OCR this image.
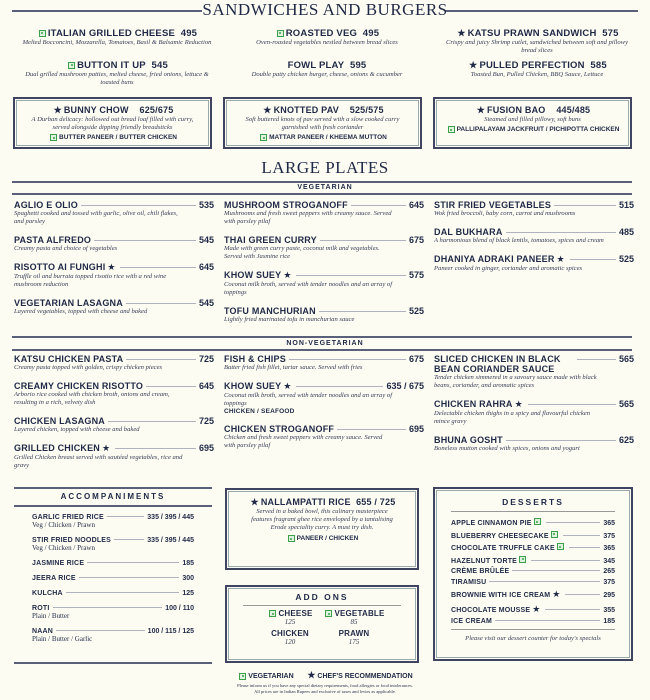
SANDWICHES AND BURGERS
ITALIAN GRILLED CHEESE 495
Melted Bocconcini, Mozzarella, Tomatoes, Basil & Balsamic Reduction
ROASTED VEG 495
Oven-roasted vegetables nestled between bread slices
★ KATSU PRAWN SANDWICH 575
Crispy and juicy Shrimp cutlet, sandwiched between soft and pillowy bread slices
BUTTON IT UP 545
Dual grilled mushroom patties, melted cheese, fried onions, lettuce & toasted buns
FOWL PLAY 595
Double patty chicken burger, cheese, onions & cucumber
★ PULLED PERFECTION 585
Toasted Bun, Pulled Chicken, BBQ Sauce, Lettuce
★ BUNNY CHOW 625/675
A Durban delicacy: hollowed out bread loaf filled with curry, served alongside dipping friendly breadsticks
BUTTER PANEER / BUTTER CHICKEN
★ KNOTTED PAV 525/575
Soft buttered knots of pav served with a slow cooked curry garnished with fresh coriander
MATTAR PANEER / KHEEMA MUTTON
★ FUSION BAO 445/485
Steamed and filled pillowy, soft buns
PALLIPALAYAM JACKFRUIT / PICHIPOTTA CHICKEN
LARGE PLATES
VEGETARIAN
AGLIO E OLIO	535
Spaghetti cooked and tossed with garlic, olive oil, chili flakes, and parsley
PASTA ALFREDO	545
Creamy pasta and choice of vegetables
RISOTTO AI FUNGHI ★	645
Truffle oil and burrata topped risotto rice with a red wine mushroom reduction
VEGETARIAN LASAGNA	545
Layered vegetables, topped with cheese and baked
MUSHROOM STROGANOFF	645
Mushrooms and fresh sweet peppers with creamy sauce. Served with parsley pilaf
THAI GREEN CURRY	675
Made with green curry paste, coconut milk and vegetables. Served with Jasmine rice
KHOW SUEY ★	575
Coconut milk broth, served with tender noodles and an array of toppings
TOFU MANCHURIAN	525
Lightly fried marinated tofu in manchurian sauce
STIR FRIED VEGETABLES	515
Wok fried broccoli, baby corn, carrot and mushrooms
DAL BUKHARA	485
A harmonious blend of black lentils, tomatoes, spices and cream
DHANIYA ADRAKI PANEER ★	525
Paneer cooked in ginger, coriander and aromatic spices
NON-VEGETARIAN
KATSU CHICKEN PASTA	725
Creamy pasta topped with golden, crispy chicken pieces
CREAMY CHICKEN RISOTTO	645
Arborio rice cooked with chicken broth, onions and cream, resulting in a rich, velvety dish
CHICKEN LASAGNA	725
Layered chicken, topped with cheese and baked
GRILLED CHICKEN ★	695
Grilled Chicken breast served with sautéed vegetables, rice and gravy
FISH & CHIPS	675
Batter fried fish fillet, tartar sauce. Served with fries
KHOW SUEY ★	635 / 675
Coconut milk broth, served with tender noodles and an array of toppings
CHICKEN / SEAFOOD
CHICKEN STROGANOFF	695
Chicken and fresh sweet peppers with creamy sauce. Served with parsley pilaf
SLICED CHICKEN IN BLACK BEAN CORIANDER SAUCE
565
Tender chicken simmered in a savoury sauce made with black beans, coriander, and aromatic spices
CHICKEN RAHRA ★	565
Delectable chicken thighs in a spicy and flavourful chicken mince gravy
BHUNA GOSHT	625
Boneless mutton cooked with spices, onions and yogurt
ACCOMPANIMENTS
GARLIC FRIED RICE	335 / 395 / 445
Veg / Chicken / Prawn
STIR FRIED NOODLES	335 / 395 / 445
Veg / Chicken / Prawn
JASMINE RICE	185
JEERA RICE	300
KULCHA	125
ROTI	100 / 110
Plain / Butter
NAAN	100 / 115 / 125
Plain / Butter / Garlic
★ NALLAMPATTI RICE 655 / 725
Served in a baked bowl, this culinary masterpiece features fragrant ghee rice enveloped by a tantalising Erode speciality curry. A must try dish.
PANEER / CHICKEN
ADD ONS
CHEESE
125
VEGETABLE
85
CHICKEN
120
PRAWN
175
DESSERTS
APPLE CINNAMON PIE	365
BLUEBERRY CHEESECAKE	375
CHOCOLATE TRUFFLE CAKE	365
HAZELNUT TORTE	345
CRÈME BRÛLÉE	265
TIRAMISU	375
BROWNIE WITH ICE CREAM ★	295
CHOCOLATE MOUSSE ★	355
ICE CREAM	185
Please visit our dessert counter for today's specials
VEGETARIAN ★ CHEF'S RECOMMENDATION
Please inform us if you have any special dietary requirements, food allergies or food intolerances.
All prices are in Indian Rupees and exclusive of taxes and levies as applicable.
